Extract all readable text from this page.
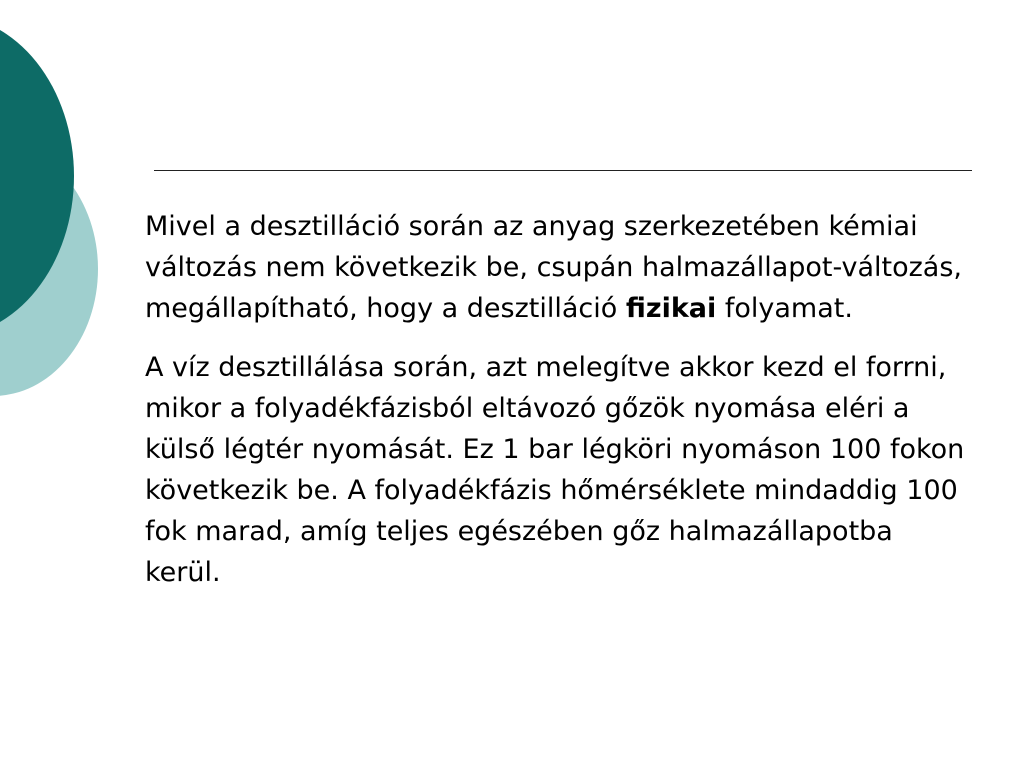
Mivel a desztilláció során az anyag szerkezetében kémiai változás nem következik be, csupán halmazállapot-változás, megállapítható, hogy a desztilláció fizikai folyamat.

A víz desztillálása során, azt melegítve akkor kezd el forrni, mikor a folyadékfázisból eltávozó gőzök nyomása eléri a külső légtér nyomását. Ez 1 bar légköri nyomáson 100 fokon következik be. A folyadékfázis hőmérséklete mindaddig 100 fok marad, amíg teljes egészében gőz halmazállapotba kerül.
